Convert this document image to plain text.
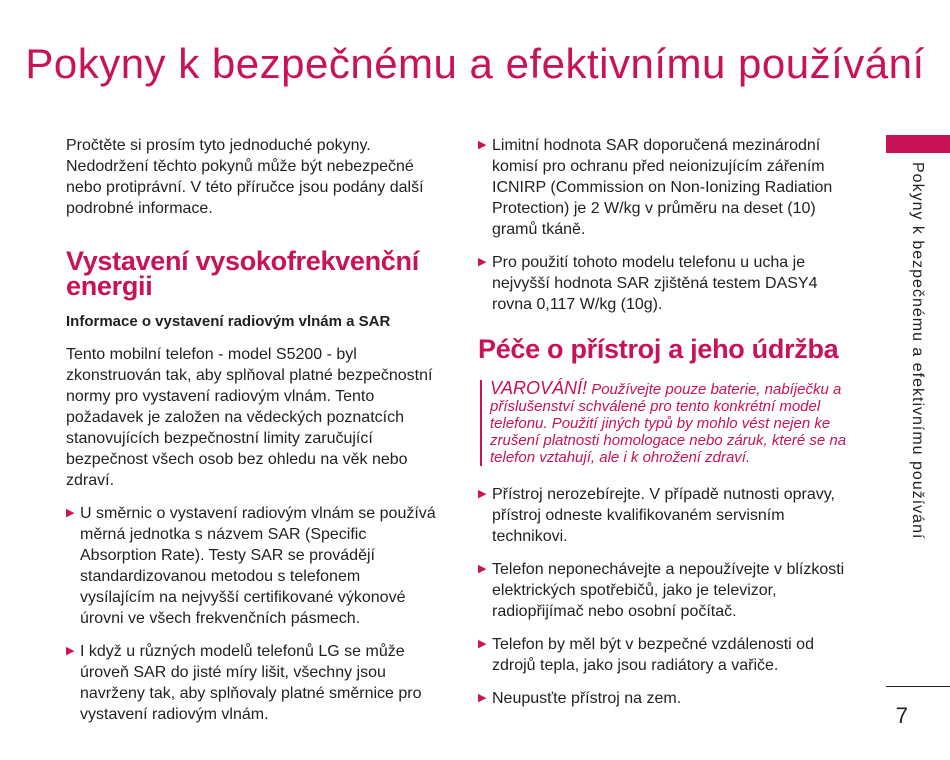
Pokyny k bezpečnému a efektivnímu používání

Pročtěte si prosím tyto jednoduché pokyny. Nedodržení těchto pokynů může být nebezpečné nebo protiprávní. V této příručce jsou podány další podrobné informace.

Vystavení vysokofrekvenční energii
Informace o vystavení radiovým vlnám a SAR

Tento mobilní telefon - model S5200 - byl zkonstruován tak, aby splňoval platné bezpečnostní normy pro vystavení radiovým vlnám. Tento požadavek je založen na vědeckých poznatcích stanovujících bezpečnostní limity zaručující bezpečnost všech osob bez ohledu na věk nebo zdraví.

▶ U směrnic o vystavení radiovým vlnám se používá měrná jednotka s názvem SAR (Specific Absorption Rate). Testy SAR se provádějí standardizovanou metodou s telefonem vysílajícím na nejvyšší certifikované výkonové úrovni ve všech frekvenčních pásmech.
▶ I když u různých modelů telefonů LG se může úroveň SAR do jisté míry lišit, všechny jsou navrženy tak, aby splňovaly platné směrnice pro vystavení radiovým vlnám.
▶ Limitní hodnota SAR doporučená mezinárodní komisí pro ochranu před neionizujícím zářením ICNIRP (Commission on Non-Ionizing Radiation Protection) je 2 W/kg v průměru na deset (10) gramů tkáně.
▶ Pro použití tohoto modelu telefonu u ucha je nejvyšší hodnota SAR zjištěná testem DASY4 rovna 0,117 W/kg (10g).
Péče o přístroj a jeho údržba
VAROVÁNÍ! Používejte pouze baterie, nabíječku a příslušenství schválené pro tento konkrétní model telefonu. Použití jiných typů by mohlo vést nejen ke zrušení platnosti homologace nebo záruk, které se na telefon vztahují, ale i k ohrožení zdraví.
▶ Přístroj nerozebírejte. V případě nutnosti opravy, přístroj odneste kvalifikovaném servisním technikovi.
▶ Telefon neponechávejte a nepoužívejte v blízkosti elektrických spotřebičů, jako je televizor, radiopřijímač nebo osobní počítač.
▶ Telefon by měl být v bezpečné vzdálenosti od zdrojů tepla, jako jsou radiátory a vařiče.
▶ Neupusťte přístroj na zem.
Pokyny k bezpečnému a efektivnímu používání
7
